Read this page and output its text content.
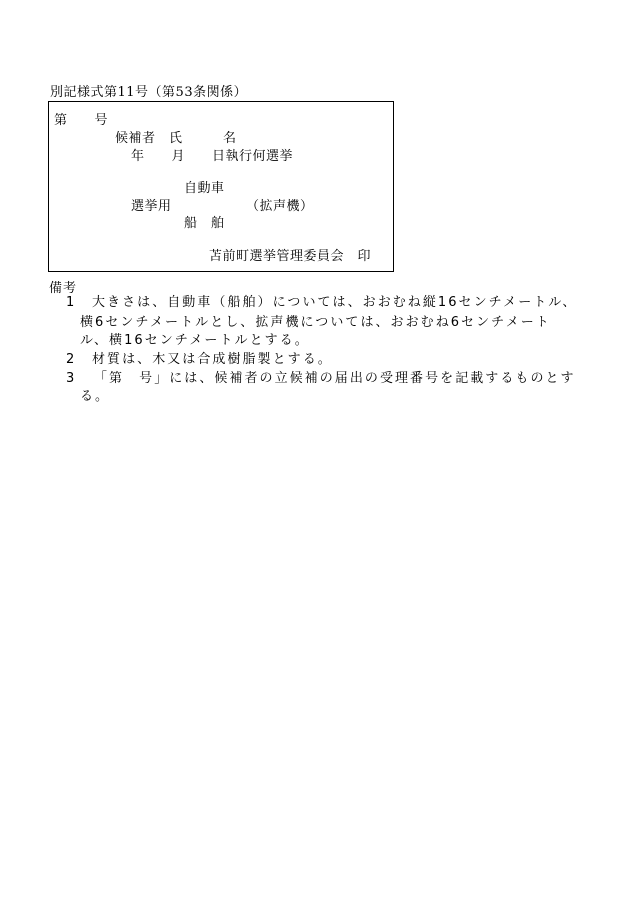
別記様式第11号（第53条関係）
第　　号
候補者　氏　　　名
年　　月　　日執行何選挙
自動車
選挙用　　　　　　（拡声機）
船　舶
苫前町選挙管理委員会　印
備考
1 大きさは、自動車（船舶）については、おおむね縦16センチメートル、
横6センチメートルとし、拡声機については、おおむね6センチメート
ル、横16センチメートルとする。
2 材質は、木又は合成樹脂製とする。
3 「第　号」には、候補者の立候補の届出の受理番号を記載するものとす
る。
